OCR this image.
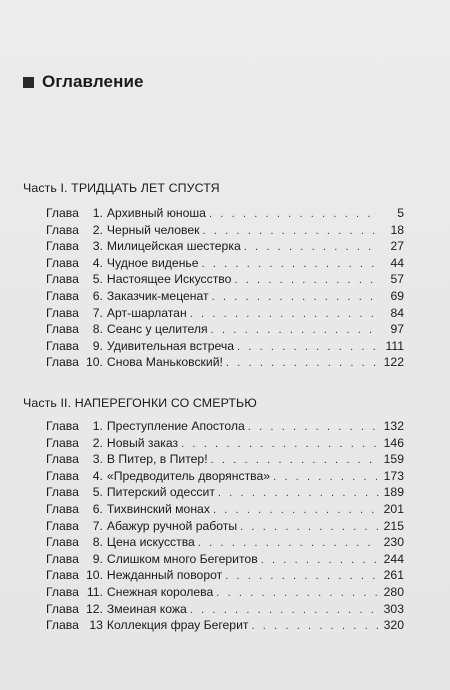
Оглавление
Часть I. ТРИДЦАТЬ ЛЕТ СПУСТЯ
Глава	1. Архивный юноша . . .	5
Глава	2. Черный человек . . .	18
Глава	3. Милицейская шестерка . . .	27
Глава	4. Чудное виденье . . .	44
Глава	5. Настоящее Искусство . . .	57
Глава	6. Заказчик-меценат . . .	69
Глава	7. Арт-шарлатан . . .	84
Глава	8. Сеанс у целителя . . .	97
Глава	9. Удивительная встреча . . .	111
Глава 10. Снова Маньковский! . . .	122
Часть II. НАПЕРЕГОНКИ СО СМЕРТЬЮ
Глава	1. Преступление Апостола . . .	132
Глава	2. Новый заказ . . .	146
Глава	3. В Питер, в Питер! . . .	159
Глава	4. «Предводитель дворянства» . . .	173
Глава	5. Питерский одессит . . .	189
Глава	6. Тихвинский монах . . .	201
Глава	7. Абажур ручной работы . . .	215
Глава	8. Цена искусства . . .	230
Глава	9. Слишком много Бегеритов . . .	244
Глава 10. Нежданный поворот . . .	261
Глава 11. Снежная королева . . .	280
Глава 12. Змеиная кожа . . .	303
Глава 13 Коллекция фрау Бегерит . . .	320
